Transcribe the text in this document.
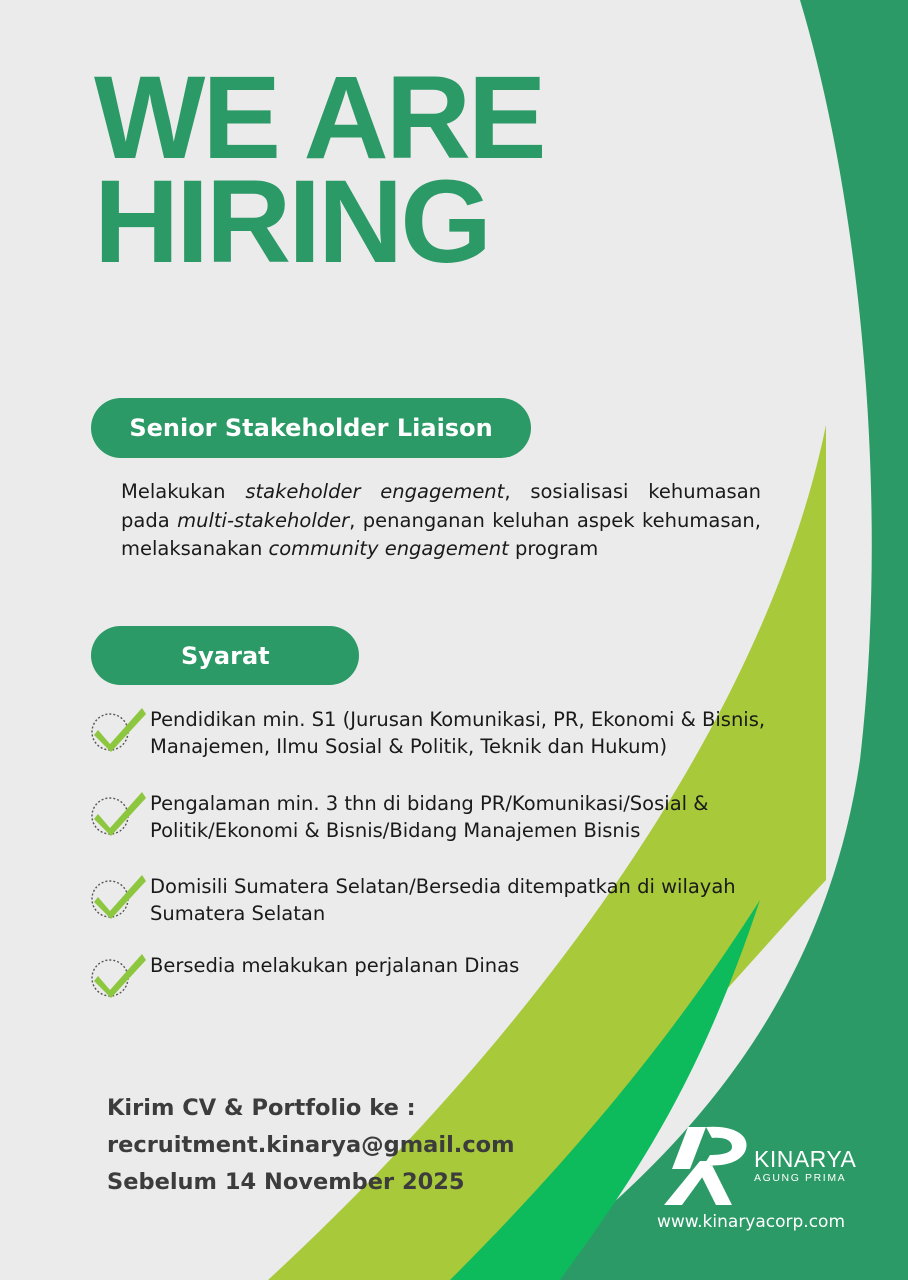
WE ARE
HIRING
Senior Stakeholder Liaison

Melakukan stakeholder engagement, sosialisasi kehumasan pada multi-stakeholder, penanganan keluhan aspek kehumasan, melaksanakan community engagement program

Syarat
Pendidikan min. S1 (Jurusan Komunikasi, PR, Ekonomi & Bisnis, Manajemen, Ilmu Sosial & Politik, Teknik dan Hukum)
Pengalaman min. 3 thn di bidang PR/Komunikasi/Sosial & Politik/Ekonomi & Bisnis/Bidang Manajemen Bisnis
Domisili Sumatera Selatan/Bersedia ditempatkan di wilayah Sumatera Selatan
Bersedia melakukan perjalanan Dinas
Kirim CV & Portfolio ke :
recruitment.kinarya@gmail.com
Sebelum 14 November 2025
KINARYA
AGUNG PRIMA
www.kinaryacorp.com
